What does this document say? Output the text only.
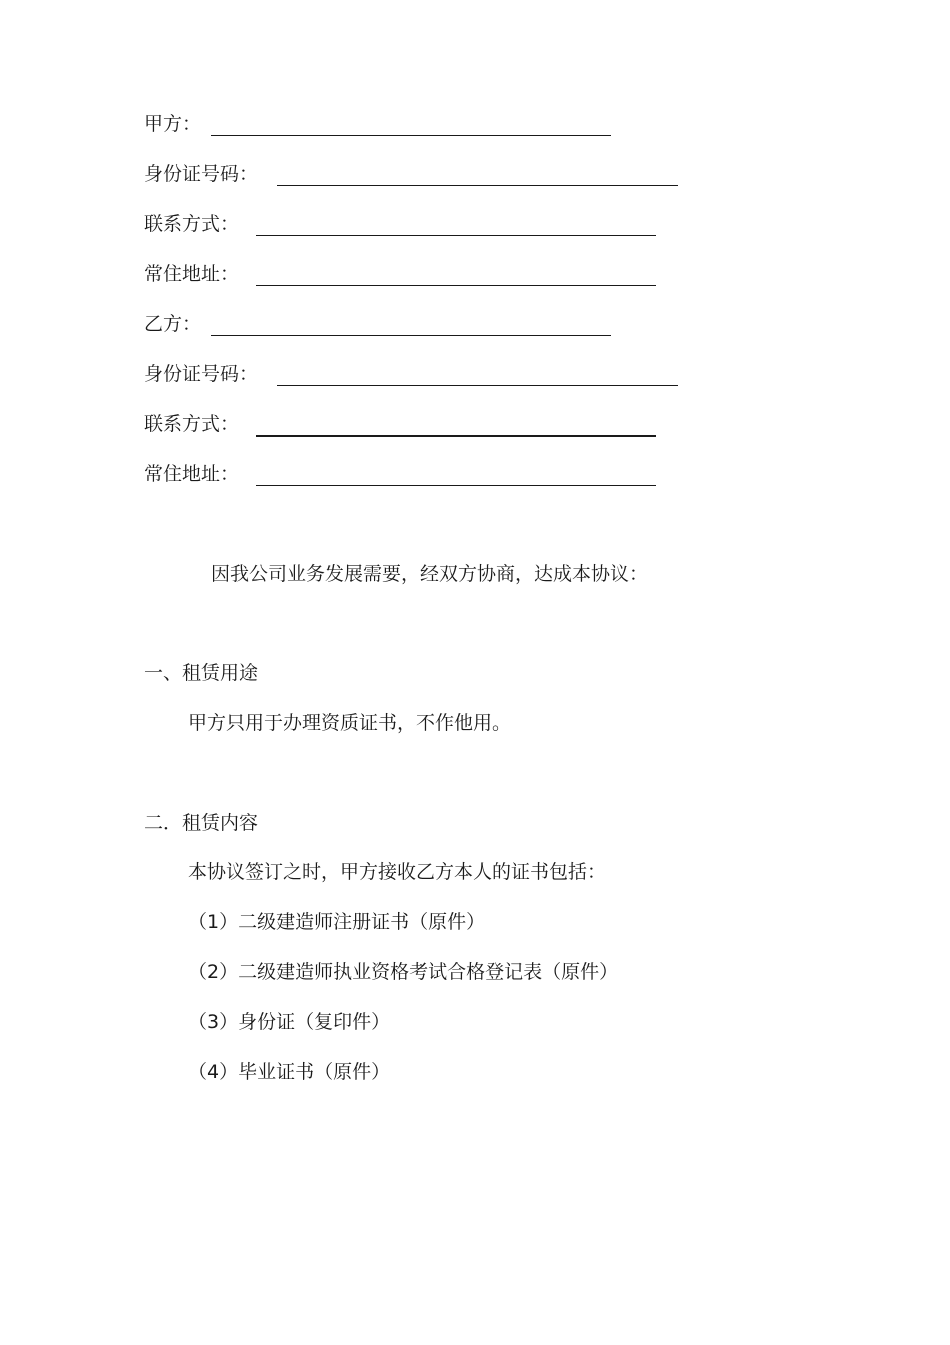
甲方：
身份证号码：
联系方式：
常住地址：
乙方：
身份证号码：
联系方式：
常住地址：
因我公司业务发展需要，经双方协商，达成本协议：
一、租赁用途
甲方只用于办理资质证书，不作他用。
二．租赁内容
本协议签订之时，甲方接收乙方本人的证书包括：
（1）二级建造师注册证书（原件）
（2）二级建造师执业资格考试合格登记表（原件）
（3）身份证（复印件）
（4）毕业证书（原件）
